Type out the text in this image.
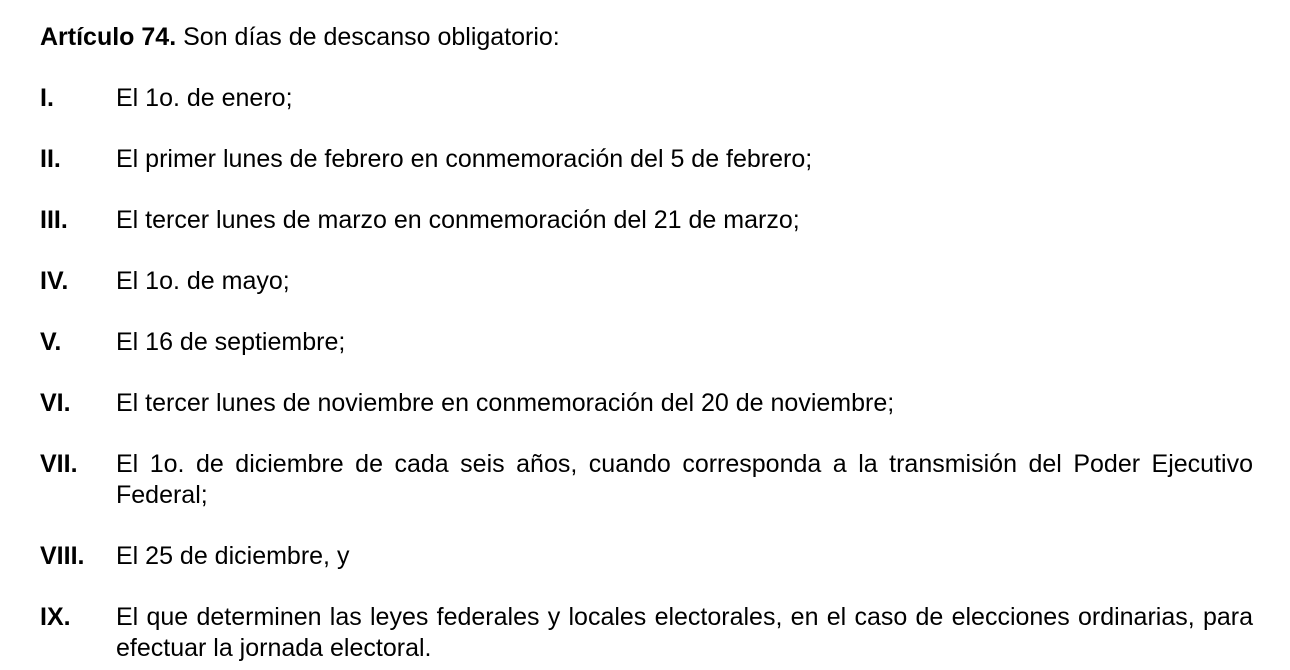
Artículo 74. Son días de descanso obligatorio:

I.	El 1o. de enero;
II.	El primer lunes de febrero en conmemoración del 5 de febrero;
III.	El tercer lunes de marzo en conmemoración del 21 de marzo;
IV.	El 1o. de mayo;
V.	El 16 de septiembre;
VI.	El tercer lunes de noviembre en conmemoración del 20 de noviembre;
VII.	El 1o. de diciembre de cada seis años, cuando corresponda a la transmisión del Poder Ejecutivo Federal;
VIII.	El 25 de diciembre, y
IX.	El que determinen las leyes federales y locales electorales, en el caso de elecciones ordinarias, para efectuar la jornada electoral.
